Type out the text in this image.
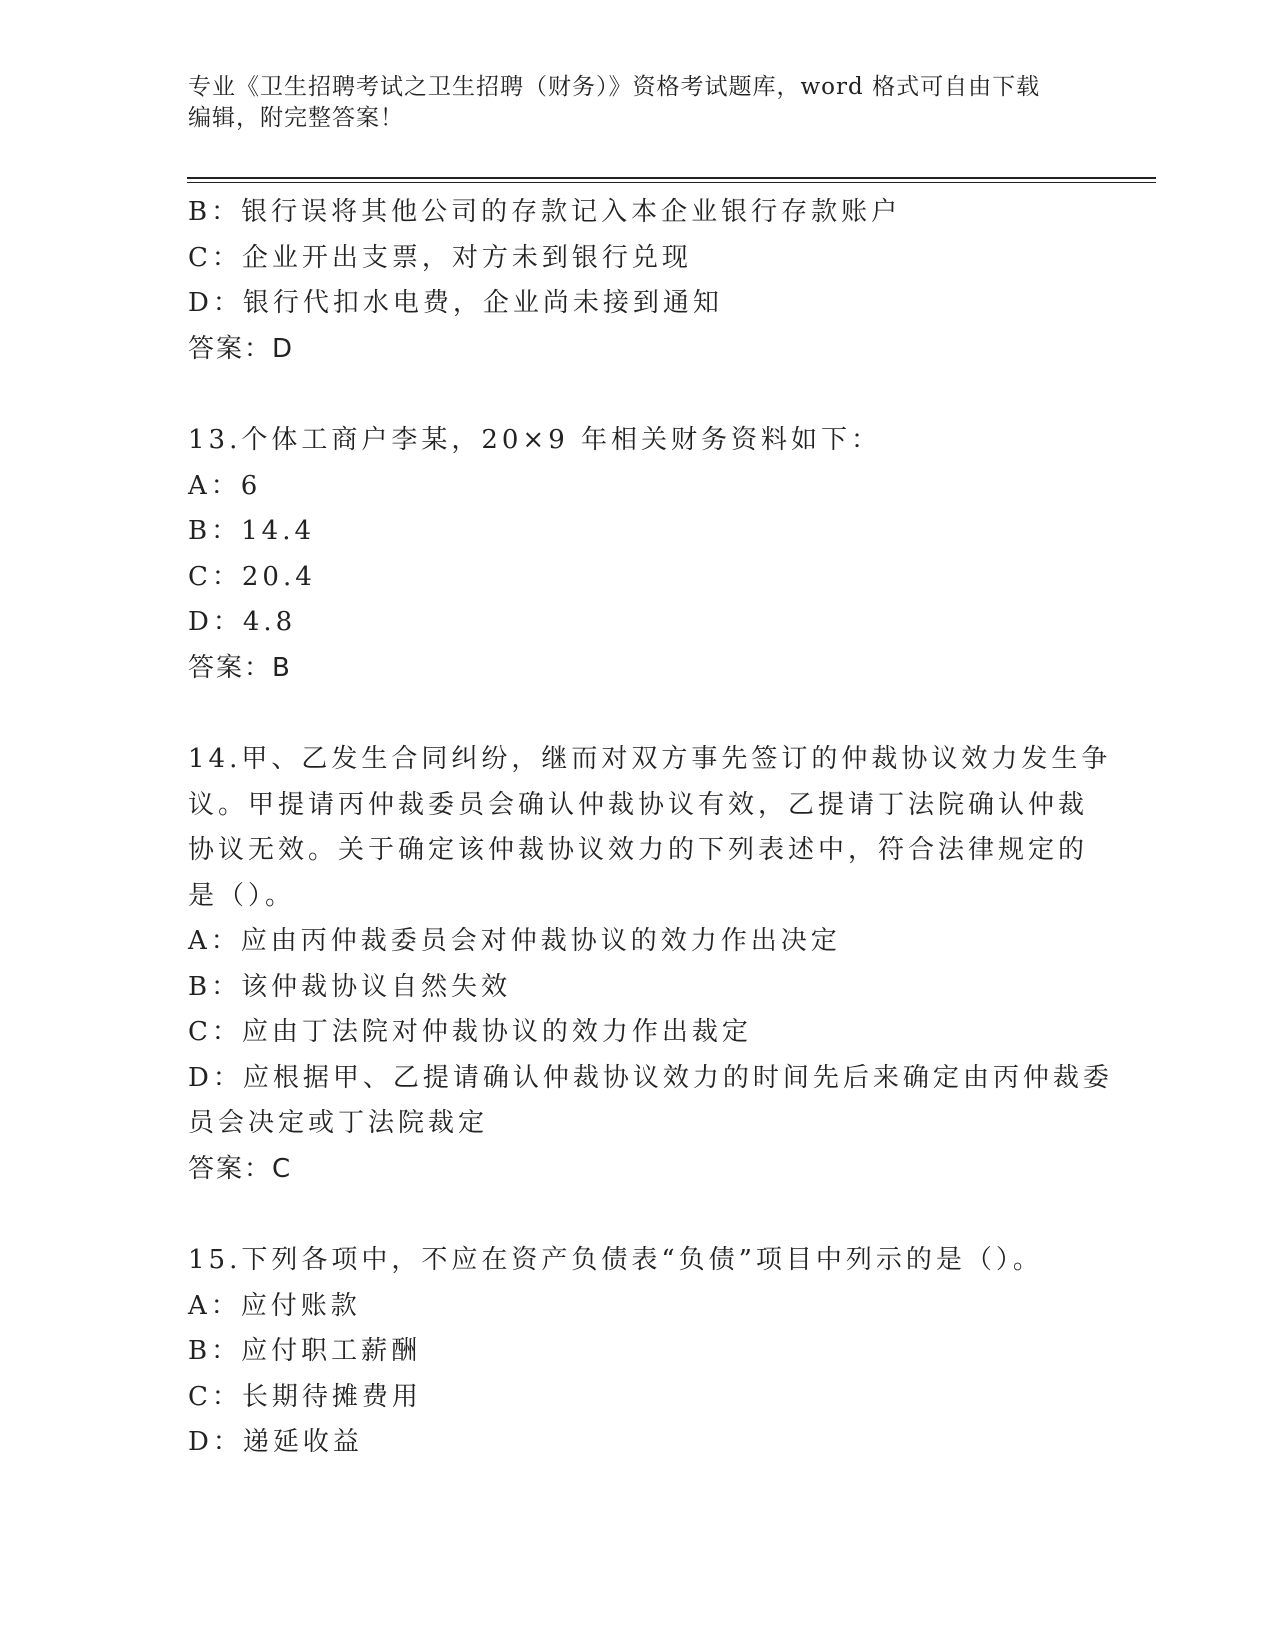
专业《卫生招聘考试之卫生招聘（财务）》资格考试题库，word 格式可自由下载
编辑，附完整答案！
B：银行误将其他公司的存款记入本企业银行存款账户
C：企业开出支票，对方未到银行兑现
D：银行代扣水电费，企业尚未接到通知
答案：D
13.个体工商户李某，20×9 年相关财务资料如下：
A：6
B：14.4
C：20.4
D：4.8
答案：B
14.甲、乙发生合同纠纷，继而对双方事先签订的仲裁协议效力发生争
议。甲提请丙仲裁委员会确认仲裁协议有效，乙提请丁法院确认仲裁
协议无效。关于确定该仲裁协议效力的下列表述中，符合法律规定的
是（）。
A：应由丙仲裁委员会对仲裁协议的效力作出决定
B：该仲裁协议自然失效
C：应由丁法院对仲裁协议的效力作出裁定
D：应根据甲、乙提请确认仲裁协议效力的时间先后来确定由丙仲裁委
员会决定或丁法院裁定
答案：C
15.下列各项中，不应在资产负债表“负债”项目中列示的是（）。
A：应付账款
B：应付职工薪酬
C：长期待摊费用
D：递延收益
